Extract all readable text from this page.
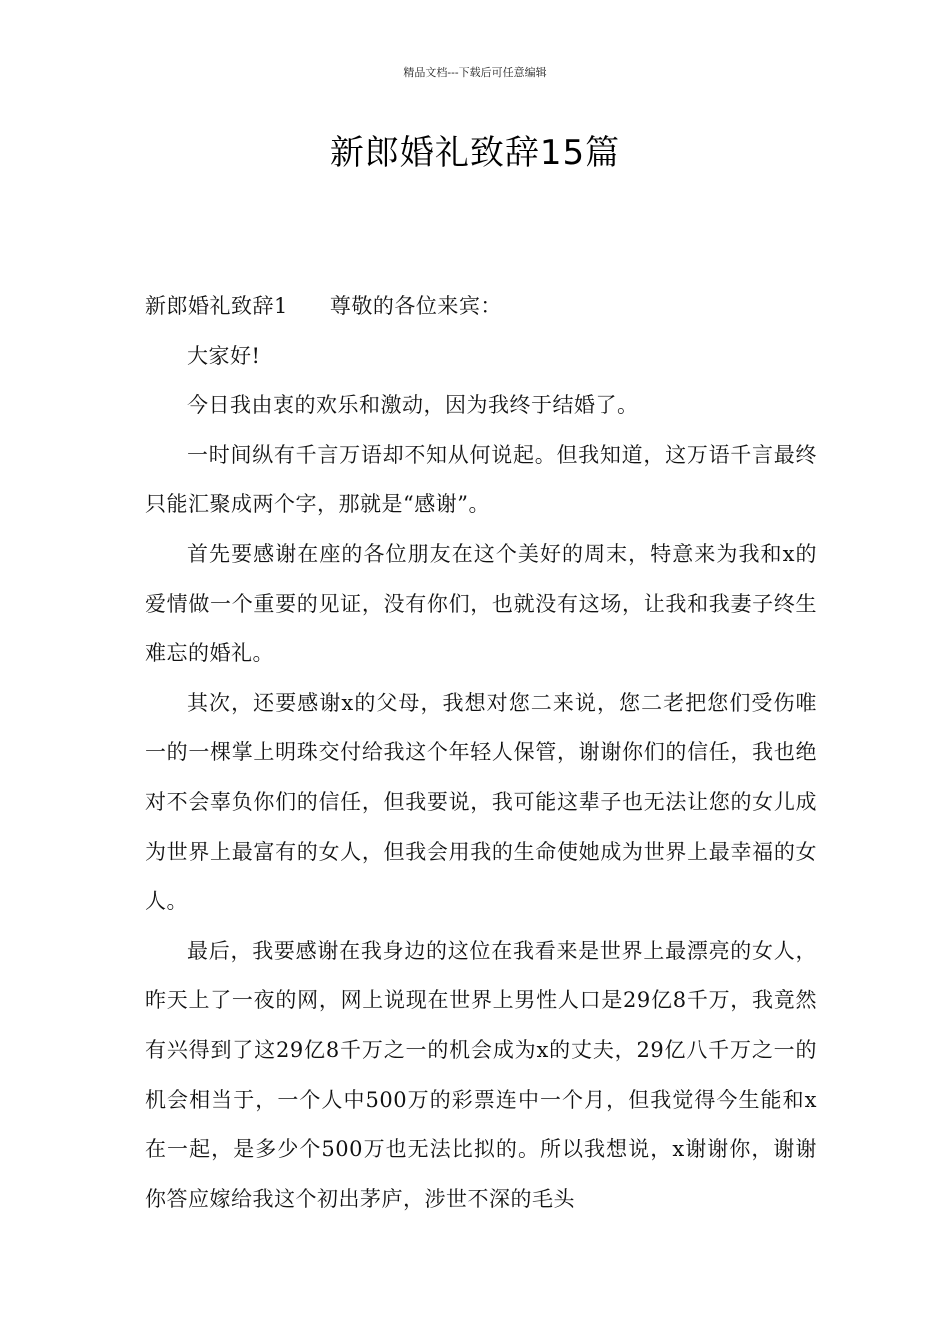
精品文档---下载后可任意编辑
新郎婚礼致辞15篇

新郎婚礼致辞1 尊敬的各位来宾：

大家好!

今日我由衷的欢乐和激动，因为我终于结婚了。

一时间纵有千言万语却不知从何说起。但我知道，这万语千言最终只能汇聚成两个字，那就是“感谢”。

首先要感谢在座的各位朋友在这个美好的周末，特意来为我和x的爱情做一个重要的见证，没有你们，也就没有这场，让我和我妻子终生难忘的婚礼。

其次，还要感谢x的父母，我想对您二来说，您二老把您们受伤唯一的一棵掌上明珠交付给我这个年轻人保管，谢谢你们的信任，我也绝对不会辜负你们的信任，但我要说，我可能这辈子也无法让您的女儿成为世界上最富有的女人，但我会用我的生命使她成为世界上最幸福的女人。

最后，我要感谢在我身边的这位在我看来是世界上最漂亮的女人，昨天上了一夜的网，网上说现在世界上男性人口是29亿8千万，我竟然有兴得到了这29亿8千万之一的机会成为x的丈夫，29亿八千万之一的机会相当于，一个人中500万的彩票连中一个月，但我觉得今生能和x在一起，是多少个500万也无法比拟的。所以我想说，x谢谢你，谢谢你答应嫁给我这个初出茅庐，涉世不深的毛头
